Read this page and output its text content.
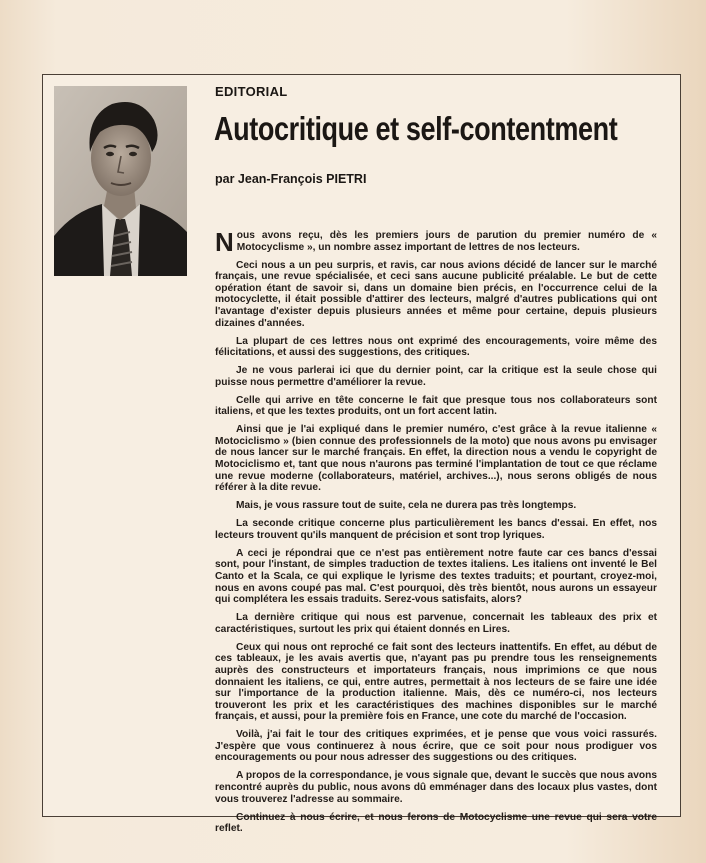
EDITORIAL
Autocritique et self-contentment
par Jean-François PIETRI

Nous avons reçu, dès les premiers jours de parution du premier numéro de « Motocyclisme », un nombre assez important de lettres de nos lecteurs.

Ceci nous a un peu surpris, et ravis, car nous avions décidé de lancer sur le marché français, une revue spécialisée, et ceci sans aucune publicité préalable. Le but de cette opération étant de savoir si, dans un domaine bien précis, en l'occurrence celui de la motocyclette, il était possible d'attirer des lecteurs, malgré d'autres publications qui ont l'avantage d'exister depuis plusieurs années et même pour certaine, depuis plusieurs dizaines d'années.

La plupart de ces lettres nous ont exprimé des encouragements, voire même des félicitations, et aussi des suggestions, des critiques.

Je ne vous parlerai ici que du dernier point, car la critique est la seule chose qui puisse nous permettre d'améliorer la revue.

Celle qui arrive en tête concerne le fait que presque tous nos collaborateurs sont italiens, et que les textes produits, ont un fort accent latin.

Ainsi que je l'ai expliqué dans le premier numéro, c'est grâce à la revue italienne « Motociclismo » (bien connue des professionnels de la moto) que nous avons pu envisager de nous lancer sur le marché français. En effet, la direction nous a vendu le copyright de Motociclismo et, tant que nous n'aurons pas terminé l'implantation de tout ce que réclame une revue moderne (collaborateurs, matériel, archives...), nous serons obligés de nous référer à la dite revue.

Mais, je vous rassure tout de suite, cela ne durera pas très longtemps.

La seconde critique concerne plus particulièrement les bancs d'essai. En effet, nos lecteurs trouvent qu'ils manquent de précision et sont trop lyriques.

A ceci je répondrai que ce n'est pas entièrement notre faute car ces bancs d'essai sont, pour l'instant, de simples traduction de textes italiens. Les italiens ont inventé le Bel Canto et la Scala, ce qui explique le lyrisme des textes traduits; et pourtant, croyez-moi, nous en avons coupé pas mal. C'est pourquoi, dès très bientôt, nous aurons un essayeur qui complétera les essais traduits. Serez-vous satisfaits, alors?

La dernière critique qui nous est parvenue, concernait les tableaux des prix et caractéristiques, surtout les prix qui étaient donnés en Lires.

Ceux qui nous ont reproché ce fait sont des lecteurs inattentifs. En effet, au début de ces tableaux, je les avais avertis que, n'ayant pas pu prendre tous les renseignements auprès des constructeurs et importateurs français, nous imprimions ce que nous donnaient les italiens, ce qui, entre autres, permettait à nos lecteurs de se faire une idée sur l'importance de la production italienne. Mais, dès ce numéro-ci, nos lecteurs trouveront les prix et les caractéristiques des machines disponibles sur le marché français, et aussi, pour la première fois en France, une cote du marché de l'occasion.

Voilà, j'ai fait le tour des critiques exprimées, et je pense que vous voici rassurés. J'espère que vous continuerez à nous écrire, que ce soit pour nous prodiguer vos encouragements ou pour nous adresser des suggestions ou des critiques.

A propos de la correspondance, je vous signale que, devant le succès que nous avons rencontré auprès du public, nous avons dû emménager dans des locaux plus vastes, dont vous trouverez l'adresse au sommaire.

Continuez à nous écrire, et nous ferons de Motocyclisme une revue qui sera votre reflet.
